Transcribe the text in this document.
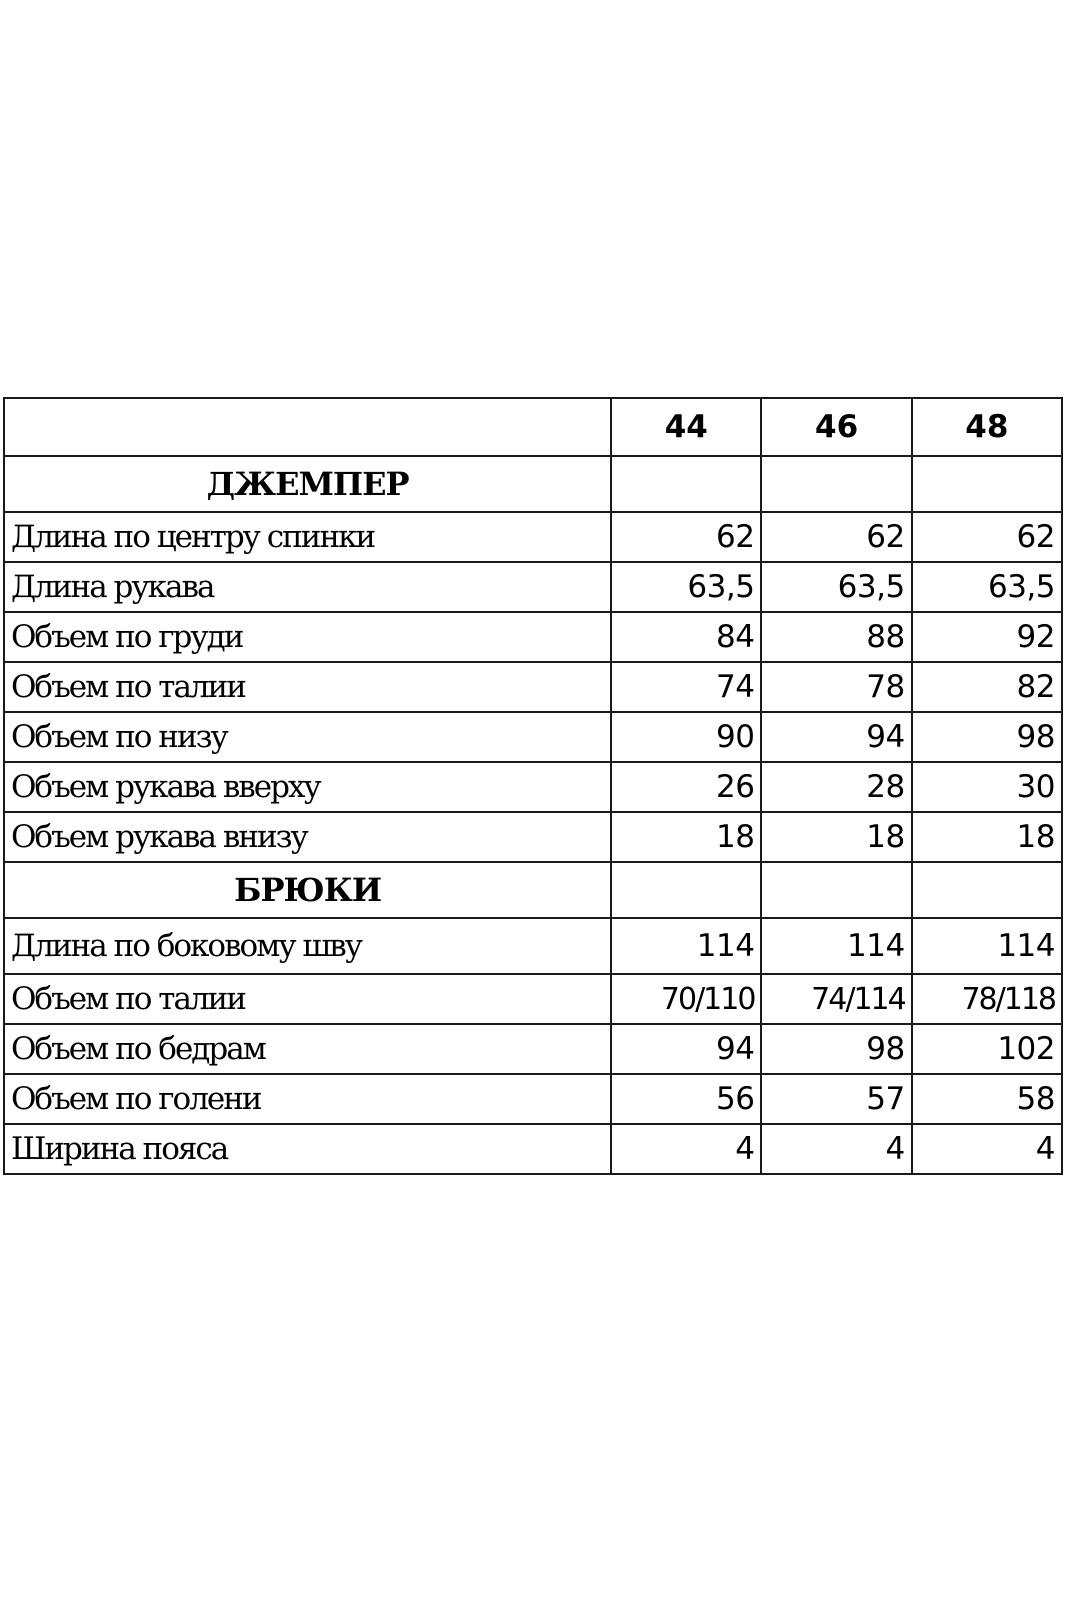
	44	46	48
ДЖЕМПЕР			
Длина по центру спинки	62	62	62
Длина рукава	63,5	63,5	63,5
Объем по груди	84	88	92
Объем по талии	74	78	82
Объем по низу	90	94	98
Объем рукава вверху	26	28	30
Объем рукава внизу	18	18	18
БРЮКИ			
Длина по боковому шву	114	114	114
Объем по талии	70/110	74/114	78/118
Объем по бедрам	94	98	102
Объем по голени	56	57	58
Ширина пояса	4	4	4
